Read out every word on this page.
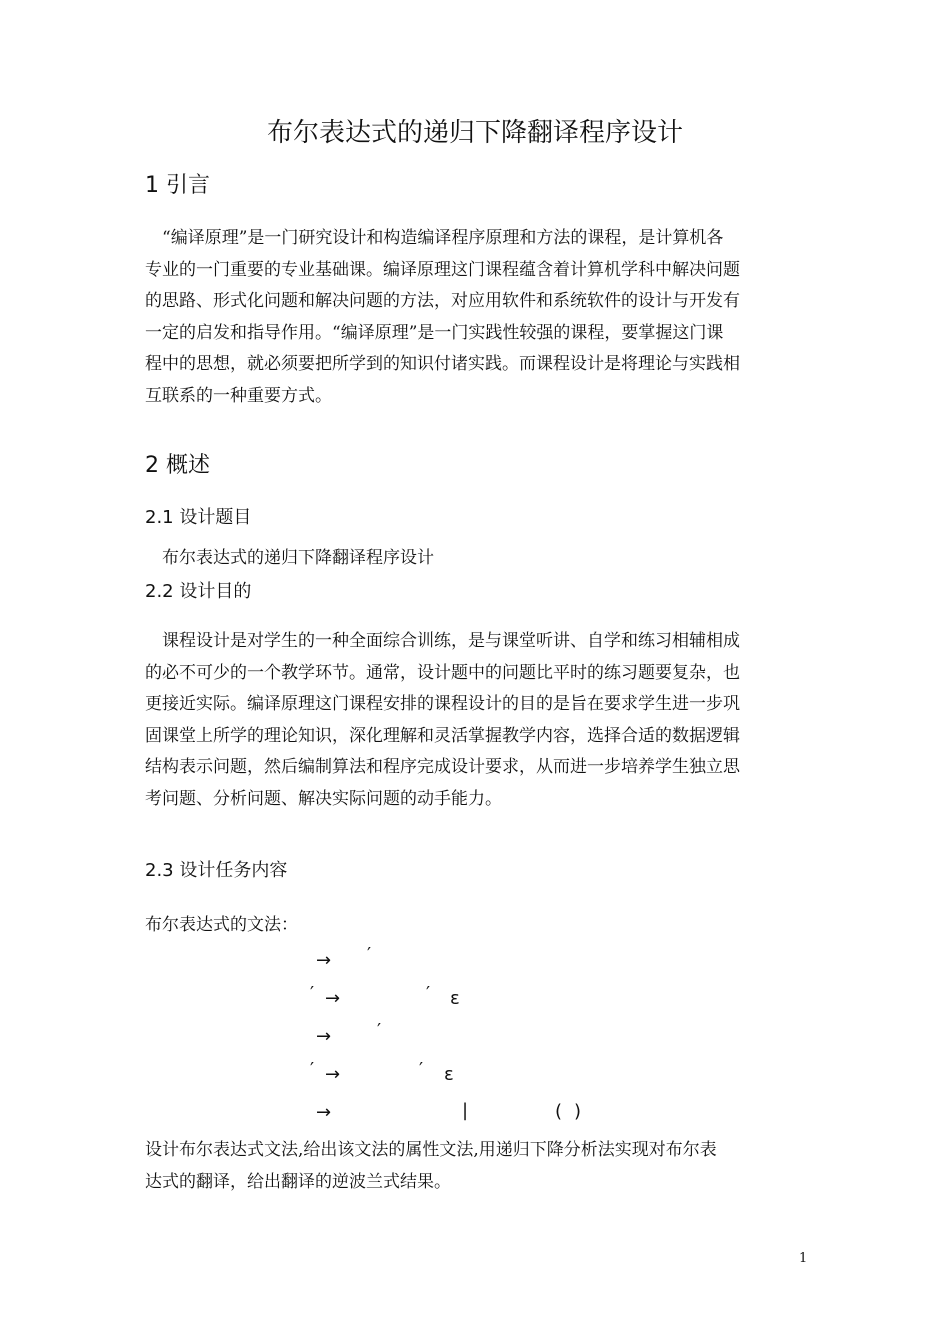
布尔表达式的递归下降翻译程序设计
1 引言
“编译原理”是一门研究设计和构造编译程序原理和方法的课程，是计算机各
专业的一门重要的专业基础课。编译原理这门课程蕴含着计算机学科中解决问题
的思路、形式化问题和解决问题的方法，对应用软件和系统软件的设计与开发有
一定的启发和指导作用。“编译原理”是一门实践性较强的课程，要掌握这门课
程中的思想，就必须要把所学到的知识付诸实践。而课程设计是将理论与实践相
互联系的一种重要方式。
2 概述
2.1 设计题目
布尔表达式的递归下降翻译程序设计
2.2 设计目的
课程设计是对学生的一种全面综合训练，是与课堂听讲、自学和练习相辅相成
的必不可少的一个教学环节。通常，设计题中的问题比平时的练习题要复杂，也
更接近实际。编译原理这门课程安排的课程设计的目的是旨在要求学生进一步巩
固课堂上所学的理论知识，深化理解和灵活掌握教学内容，选择合适的数据逻辑
结构表示问题，然后编制算法和程序完成设计要求，从而进一步培养学生独立思
考问题、分析问题、解决实际问题的动手能力。
2.3 设计任务内容
布尔表达式的文法：
→ ′
′ →	′ ε
→	′
′ →	′ ε
→	|	( )
设计布尔表达式文法,给出该文法的属性文法,用递归下降分析法实现对布尔表
达式的翻译，给出翻译的逆波兰式结果。
1
